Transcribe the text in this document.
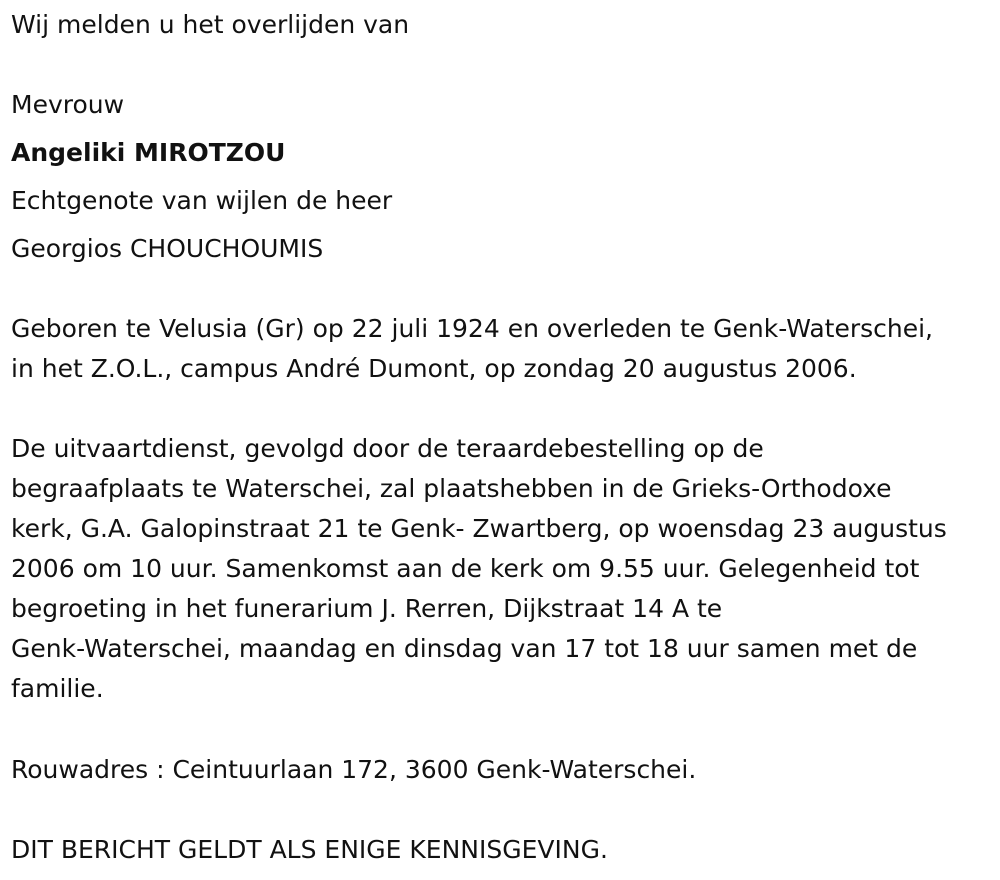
Wij melden u het overlijden van
Mevrouw
Angeliki MIROTZOU
Echtgenote van wijlen de heer
Georgios CHOUCHOUMIS
Geboren te Velusia (Gr) op 22 juli 1924 en overleden te Genk-Waterschei,
in het Z.O.L., campus André Dumont, op zondag 20 augustus 2006.
De uitvaartdienst, gevolgd door de teraardebestelling op de
begraafplaats te Waterschei, zal plaatshebben in de Grieks-Orthodoxe
kerk, G.A. Galopinstraat 21 te Genk- Zwartberg, op woensdag 23 augustus
2006 om 10 uur. Samenkomst aan de kerk om 9.55 uur. Gelegenheid tot
begroeting in het funerarium J. Rerren, Dijkstraat 14 A te
Genk-Waterschei, maandag en dinsdag van 17 tot 18 uur samen met de
familie.
Rouwadres : Ceintuurlaan 172, 3600 Genk-Waterschei.
DIT BERICHT GELDT ALS ENIGE KENNISGEVING.
